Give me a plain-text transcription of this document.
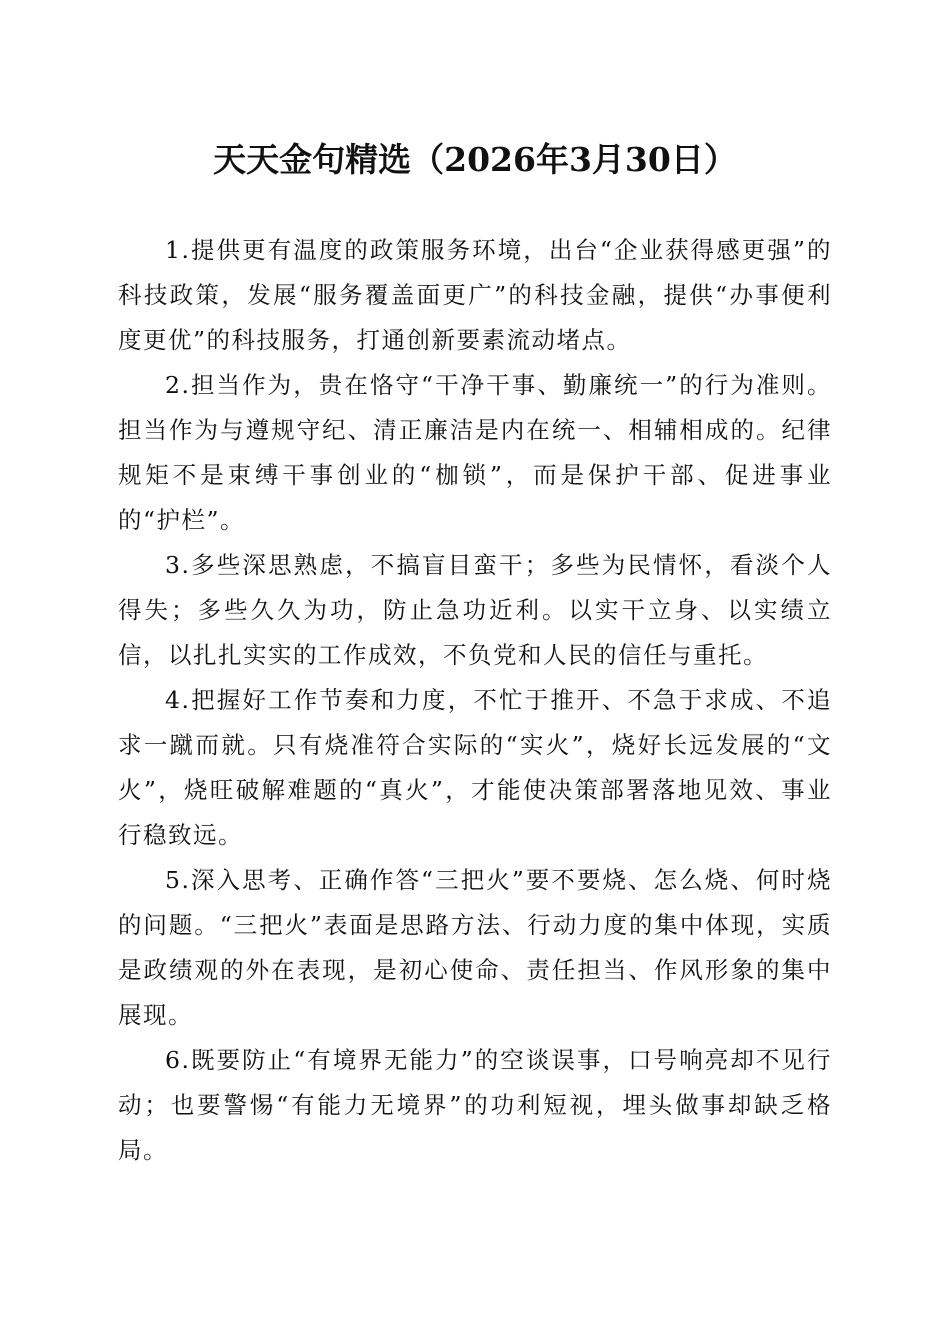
天天金句精选（2026年3月30日）

1.提供更有温度的政策服务环境，出台“企业获得感更强”的科技政策，发展“服务覆盖面更广”的科技金融，提供“办事便利度更优”的科技服务，打通创新要素流动堵点。

2.担当作为，贵在恪守“干净干事、勤廉统一”的行为准则。担当作为与遵规守纪、清正廉洁是内在统一、相辅相成的。纪律规矩不是束缚干事创业的“枷锁”，而是保护干部、促进事业的“护栏”。

3.多些深思熟虑，不搞盲目蛮干；多些为民情怀，看淡个人得失；多些久久为功，防止急功近利。以实干立身、以实绩立信，以扎扎实实的工作成效，不负党和人民的信任与重托。

4.把握好工作节奏和力度，不忙于推开、不急于求成、不追求一蹴而就。只有烧准符合实际的“实火”，烧好长远发展的“文火”，烧旺破解难题的“真火”，才能使决策部署落地见效、事业行稳致远。

5.深入思考、正确作答“三把火”要不要烧、怎么烧、何时烧的问题。“三把火”表面是思路方法、行动力度的集中体现，实质是政绩观的外在表现，是初心使命、责任担当、作风形象的集中展现。

6.既要防止“有境界无能力”的空谈误事，口号响亮却不见行动；也要警惕“有能力无境界”的功利短视，埋头做事却缺乏格局。
